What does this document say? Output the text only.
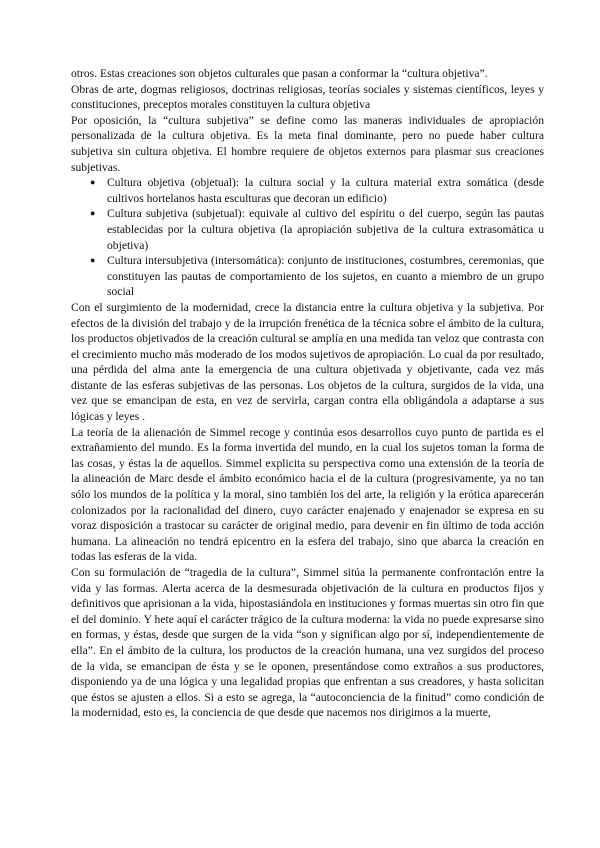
otros. Estas creaciones son objetos culturales que pasan a conformar la “cultura objetiva”.

Obras de arte, dogmas religiosos, doctrinas religiosas, teorías sociales y sistemas científicos, leyes y constituciones, preceptos morales constituyen la cultura objetiva

Por oposición, la “cultura subjetiva” se define como las maneras individuales de apropiación personalizada de la cultura objetiva. Es la meta final dominante, pero no puede haber cultura subjetiva sin cultura objetiva. El hombre requiere de objetos externos para plasmar sus creaciones subjetivas.

● Cultura objetiva (objetual): la cultura social y la cultura material extra somática (desde cultivos hortelanos hasta esculturas que decoran un edificio)
● Cultura subjetiva (subjetual): equivale al cultivo del espíritu o del cuerpo, según las pautas establecidas por la cultura objetiva (la apropiación subjetiva de la cultura extrasomática u objetiva)
● Cultura intersubjetiva (intersomática): conjunto de instituciones, costumbres, ceremonias, que constituyen las pautas de comportamiento de los sujetos, en cuanto a miembro de un grupo social

Con el surgimiento de la modernidad, crece la distancia entre la cultura objetiva y la subjetiva. Por efectos de la división del trabajo y de la irrupción frenética de la técnica sobre el ámbito de la cultura, los productos objetivados de la creación cultural se amplía en una medida tan veloz que contrasta con el crecimiento mucho más moderado de los modos sujetivos de apropiación. Lo cual da por resultado, una pérdida del alma ante la emergencia de una cultura objetivada y objetivante, cada vez más distante de las esferas subjetivas de las personas. Los objetos de la cultura, surgidos de la vida, una vez que se emancipan de esta, en vez de servirla, cargan contra ella obligándola a adaptarse a sus lógicas y leyes .

La teoría de la alienación de Simmel recoge y continúa esos desarrollos cuyo punto de partida es el extrañamiento del mundo. Es la forma invertida del mundo, en la cual los sujetos toman la forma de las cosas, y éstas la de aquellos. Simmel explicita su perspectiva como una extensión de la teoría de la alineación de Marc desde el ámbito económico hacia el de la cultura (progresivamente, ya no tan sólo los mundos de la política y la moral, sino también los del arte, la religión y la erótica aparecerán colonizados por la racionalidad del dinero, cuyo carácter enajenado y enajenador se expresa en su voraz disposición a trastocar su carácter de original medio, para devenir en fin último de toda acción humana. La alineación no tendrá epicentro en la esfera del trabajo, sino que abarca la creación en todas las esferas de la vida.

Con su formulación de “tragedia de la cultura”, Simmel sitúa la permanente confrontación entre la vida y las formas. Alerta acerca de la desmesurada objetivación de la cultura en productos fijos y definitivos que aprisionan a la vida, hipostasiándola en instituciones y formas muertas sin otro fin que el del dominio. Y hete aquí el carácter trágico de la cultura moderna: la vida no puede expresarse sino en formas, y éstas, desde que surgen de la vida “son y significan algo por sí, independientemente de ella”. En el ámbito de la cultura, los productos de la creación humana, una vez surgidos del proceso de la vida, se emancipan de ésta y se le oponen, presentándose como extraños a sus productores, disponiendo ya de una lógica y una legalidad propias que enfrentan a sus creadores, y hasta solicitan que éstos se ajusten a ellos. Si a esto se agrega, la “autoconciencia de la finitud” como condición de la modernidad, esto es, la conciencia de que desde que nacemos nos dirigimos a la muerte,
